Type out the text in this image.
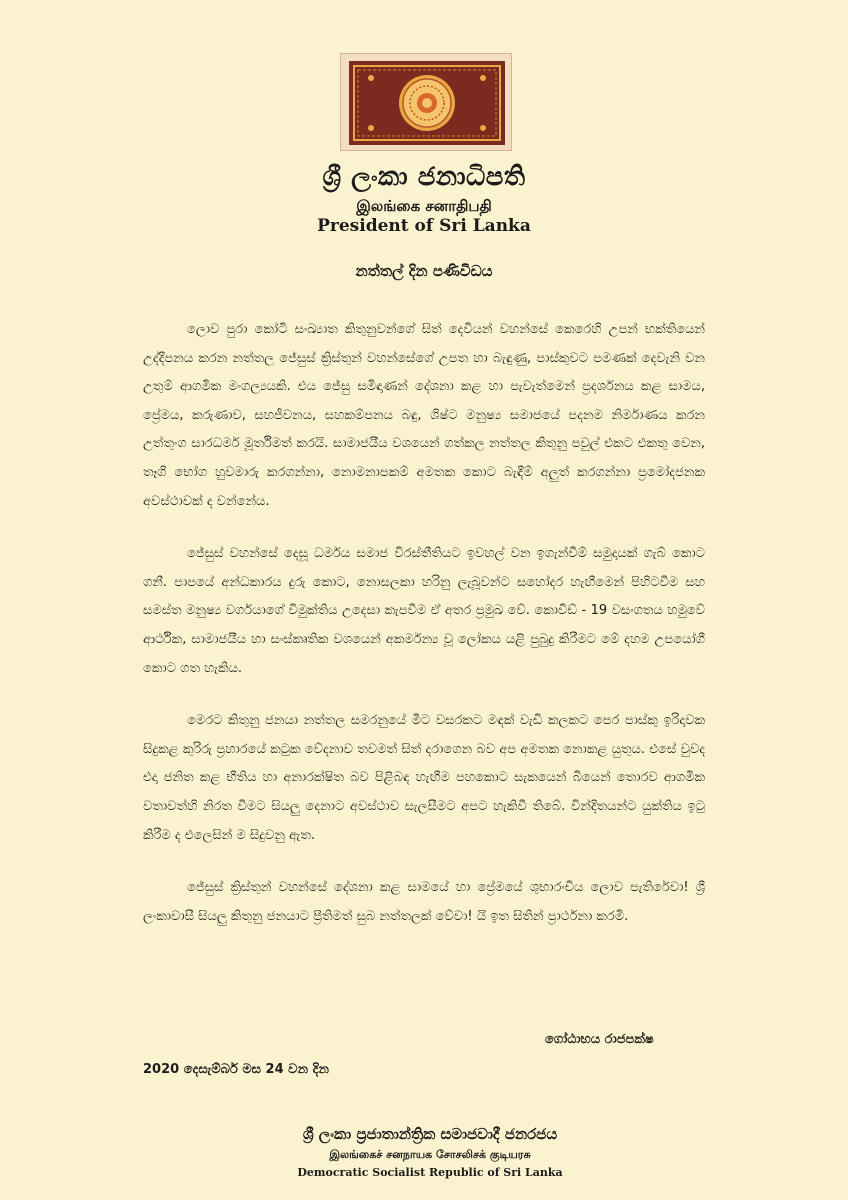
ශ්‍රී ලංකා ජනාධිපති
இலங்கை சனாதிபதி
President of Sri Lanka
නත්තල් දින පණිවිඩය

ලොව පුරා කෝටි සංඛ්‍යාත කිතුනුවන්ගේ සිත් දෙවියන් වහන්සේ කෙරෙහි උපන් භක්තියෙන් උද්දීපනය කරන නත්තල ජේසුස් ක්‍රිස්තුන් වහන්සේගේ උපත හා බැඳුණු, පාස්කුවට පමණක් දෙවැනි වන උතුම් ආගමික මංගල්‍යයකි. එය ජේසු සමිඳාණන් දේශනා කළ හා පැවැත්මෙන් ප්‍රදර්ශනය කළ සාමය, ප්‍රේමය, කරුණාව, සහජීවනය, සහකම්පනය බඳු, ශිෂ්ට මනුෂ්‍ය සමාජයේ පදනම නිර්මාණය කරන උත්තුංග සාරධර්ම මූර්තිමත් කරයි. සාමාජයීය වශයෙන් ගත්කල නත්තල කිතුනු පවුල් එකට එකතු වෙන, තෑගි භෝග හුවමාරු කරගන්නා, නොමනාපකම් අමතක කොට බැඳීම් අලුත් කරගන්නා ප්‍රමෝදජනක අවස්ථාවක් ද වන්නේය.

ජේසුස් වහන්සේ දෙසූ ධර්මය සමාජ විරස්තීතියට ඉවහල් වන ඉගැන්වීම් සමුදායක් ගැබ් කොට ගනී. පාපයේ අන්ධකාරය දුරු කොට, නොසලකා හරිනු ලැබූවන්ට සහෝදර හැඟීමෙන් පිහිටවීම සහ සමස්ත මනුෂ්‍ය වර්ගයාගේ විමුක්තිය උදෙසා කැපවීම ඒ අතර ප්‍රමුඛ වේ. කොවිඩ් - 19 වසංගතය හමුවේ ආර්ථික, සාමාජයීය හා සංස්කෘතික වශයෙන් අකර්මන්‍ය වූ ලෝකය යළි පුබුදු කිරීමට මේ දහම උපයෝගී කොට ගත හැකිය.

මෙරට කිතුනු ජනයා නත්තල සමරනුයේ මීට වසරකට මඳක් වැඩි කලකට පෙර පාස්කු ඉරිදාවක සිදුකළ කුරිරු ප්‍රහාරයේ කටුක වේදනාව තවමත් සිත් දරාගෙන බව අප අමතක නොකළ යුතුය. එසේ වුවද එදා ජනිත කළ භීතිය හා අනාරක්ෂිත බව පිළිබඳ හැඟීම පහකොට සැකයෙන් බියෙන් තොරව ආගමික වතාවත්හි නිරත වීමට සියලු දෙනාට අවස්ථාව සැලසීමට අපට හැකිවී තිබේ. වින්දිතයන්ට යුක්තිය ඉටු කිරීම ද එලෙසින් ම සිදුවනු ඇත.

ජේසුස් ක්‍රිස්තුන් වහන්සේ දේශනා කළ සාමයේ හා ප්‍රේමයේ ශුභාරංචිය ලොව පැතිරේවා! ශ්‍රී ලංකාවාසී සියලු කිතුනු ජනයාට ප්‍රීතිමත් සුබ නත්තලක් වේවා! යි ඉත සිතින් ප්‍රාර්ථනා කරමි.

ගෝඨාභය රාජපක්ෂ
2020 දෙසැම්බර් මස 24 වන දින
ශ්‍රී ලංකා ප්‍රජාතාන්ත්‍රික සමාජවාදී ජනරජය
இலங்கைச் சனநாயக சோசலிசக் குடியரசு
Democratic Socialist Republic of Sri Lanka
